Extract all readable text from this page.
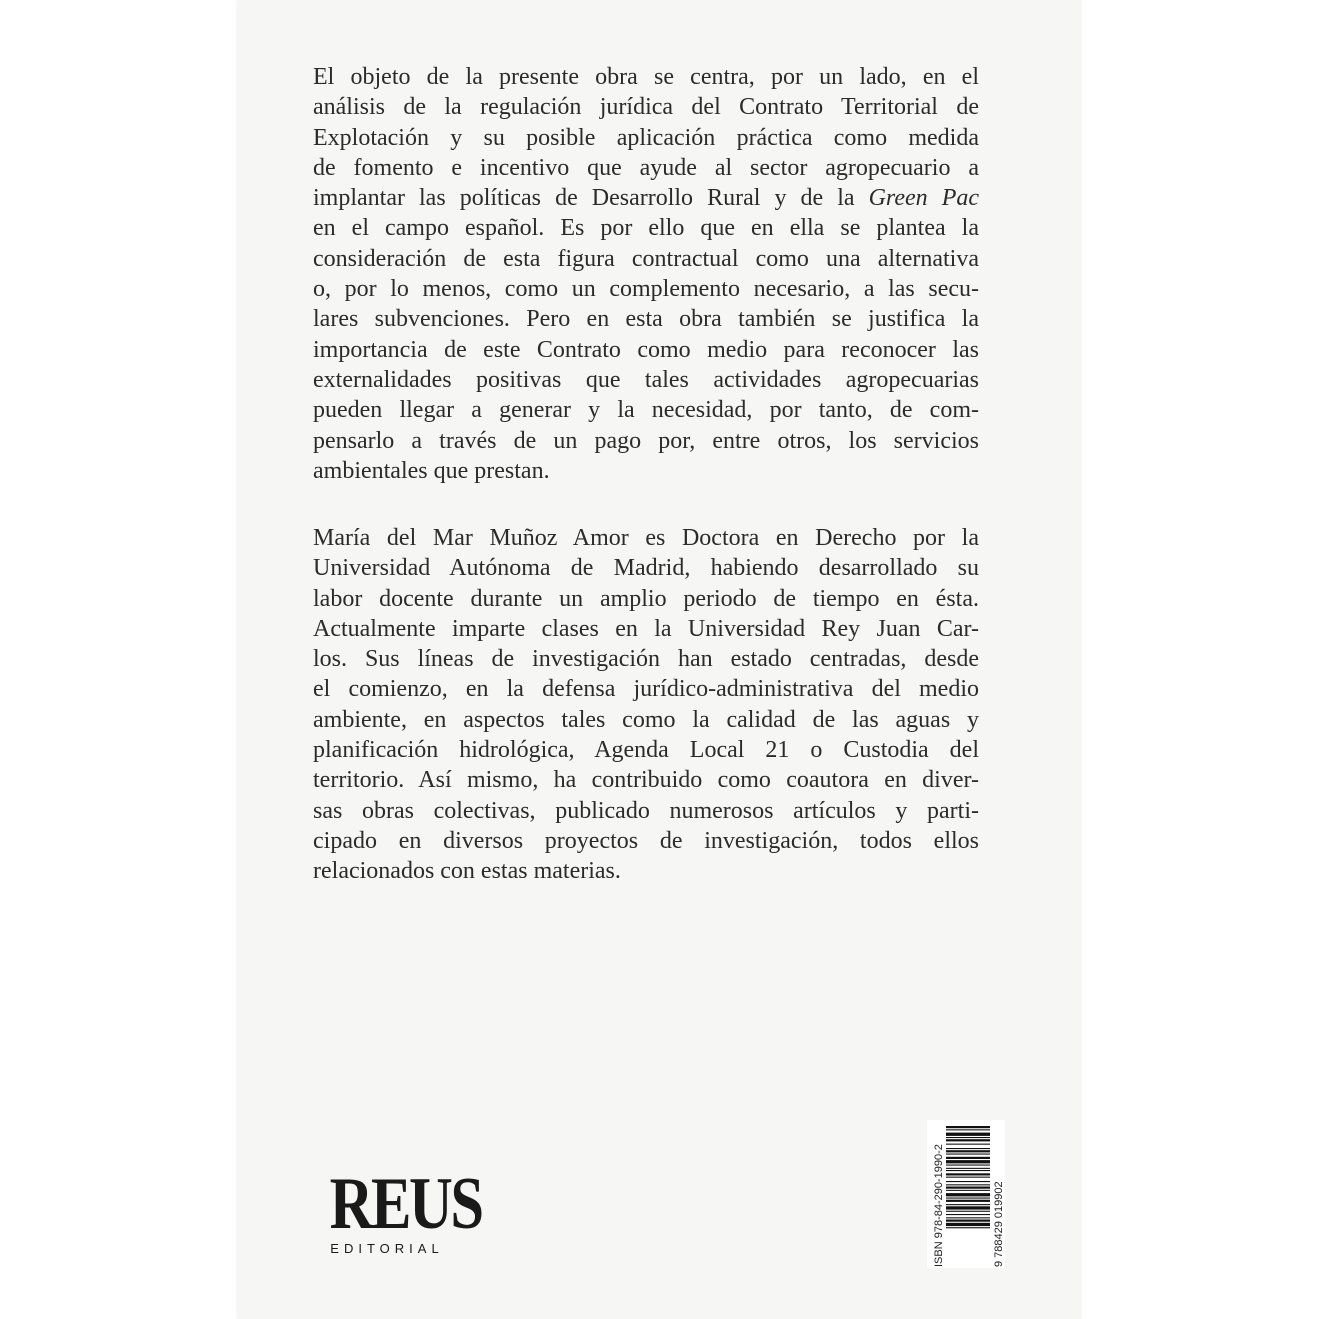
El objeto de la presente obra se centra, por un lado, en el
análisis de la regulación jurídica del Contrato Territorial de
Explotación y su posible aplicación práctica como medida
de fomento e incentivo que ayude al sector agropecuario a
implantar las políticas de Desarrollo Rural y de la Green Pac
en el campo español. Es por ello que en ella se plantea la
consideración de esta figura contractual como una alternativa
o, por lo menos, como un complemento necesario, a las secu-
lares subvenciones. Pero en esta obra también se justifica la
importancia de este Contrato como medio para reconocer las
externalidades positivas que tales actividades agropecuarias
pueden llegar a generar y la necesidad, por tanto, de com-
pensarlo a través de un pago por, entre otros, los servicios
ambientales que prestan.
María del Mar Muñoz Amor es Doctora en Derecho por la
Universidad Autónoma de Madrid, habiendo desarrollado su
labor docente durante un amplio periodo de tiempo en ésta.
Actualmente imparte clases en la Universidad Rey Juan Car-
los. Sus líneas de investigación han estado centradas, desde
el comienzo, en la defensa jurídico-administrativa del medio
ambiente, en aspectos tales como la calidad de las aguas y
planificación hidrológica, Agenda Local 21 o Custodia del
territorio. Así mismo, ha contribuido como coautora en diver-
sas obras colectivas, publicado numerosos artículos y parti-
cipado en diversos proyectos de investigación, todos ellos
relacionados con estas materias.
REUS
EDITORIAL	ISBN 978-84-290-1990-2	9 788429 019902
